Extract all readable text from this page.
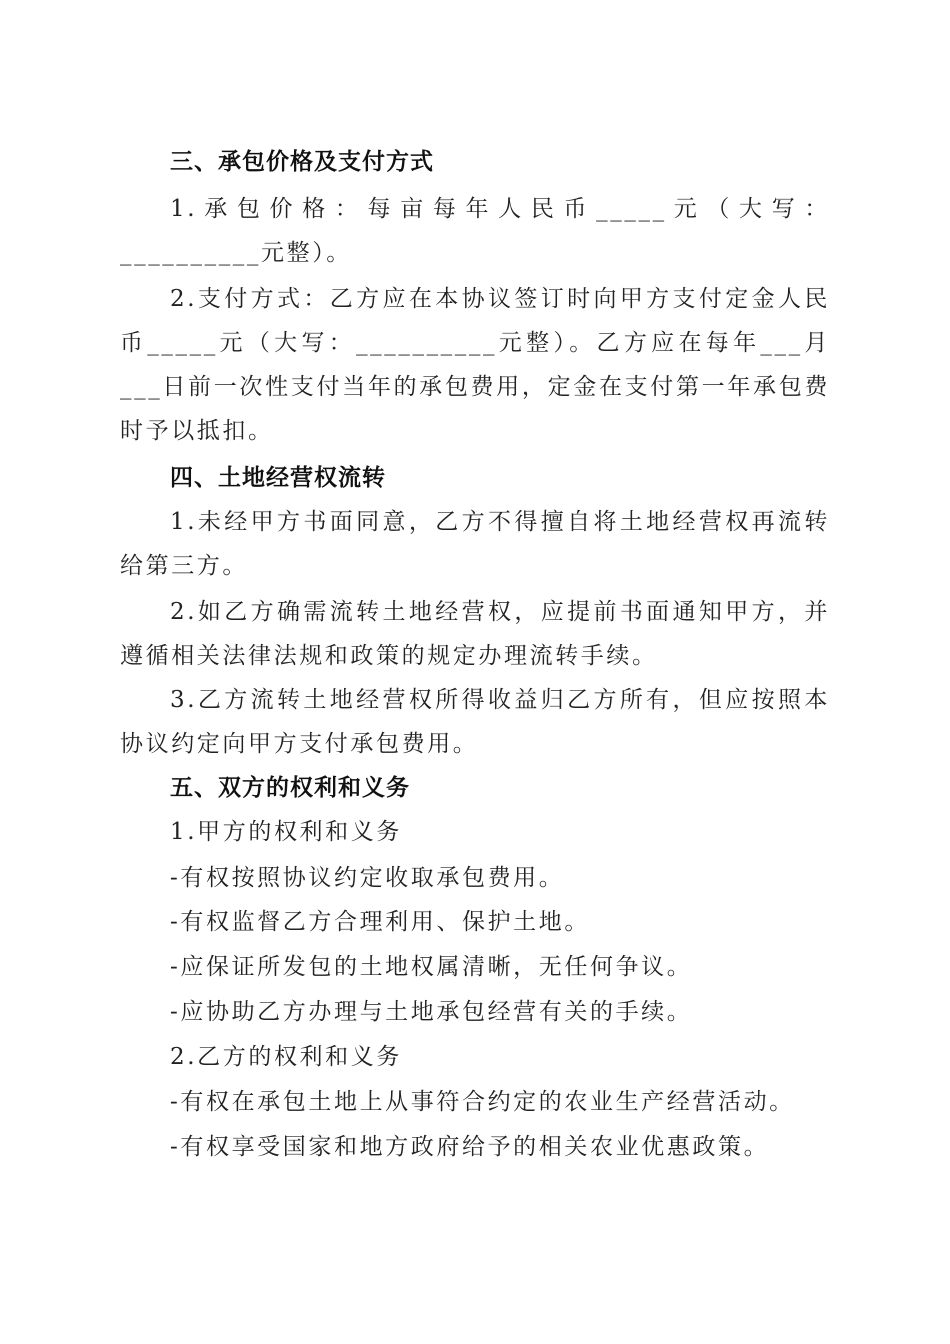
三、承包价格及支付方式
1.承包价格：每亩每年人民币_____元（大写：__________元整）。
2.支付方式：乙方应在本协议签订时向甲方支付定金人民币_____元（大写：__________元整）。乙方应在每年___月___日前一次性支付当年的承包费用，定金在支付第一年承包费时予以抵扣。
四、土地经营权流转
1.未经甲方书面同意，乙方不得擅自将土地经营权再流转给第三方。
2.如乙方确需流转土地经营权，应提前书面通知甲方，并遵循相关法律法规和政策的规定办理流转手续。
3.乙方流转土地经营权所得收益归乙方所有，但应按照本协议约定向甲方支付承包费用。
五、双方的权利和义务
1.甲方的权利和义务
-有权按照协议约定收取承包费用。
-有权监督乙方合理利用、保护土地。
-应保证所发包的土地权属清晰，无任何争议。
-应协助乙方办理与土地承包经营有关的手续。
2.乙方的权利和义务
-有权在承包土地上从事符合约定的农业生产经营活动。
-有权享受国家和地方政府给予的相关农业优惠政策。
